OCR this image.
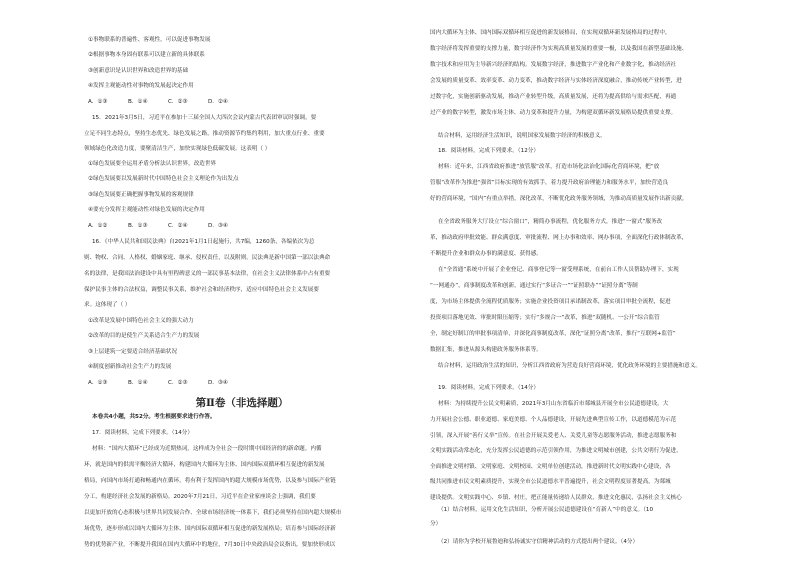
①事物联系的普遍性、客观性，可以促进事物发展
②根据事物本身固有联系可以建立新的具体联系
③创新意识是认识世界和改造世界的基础
④发挥主观能动性对事物的发展起决定作用
A．①③	B．①④	C．②③	D．②④
15．2021年3月5日，习近平在参加十三届全国人大四次会议内蒙古代表团审议时强调，要
立足不同生态特点，坚持生态优先、绿色发展之路，推动资源节约集约利用，加大重点行业、重要
领域绿色化改造力度，要聚清洁生产，加快实现绿色低碳发展。这表明（ ）
①绿色发展要全运用矛盾分析法认识世界，改造世界
②绿色发展要以发展新时代中国特色社会主义理论作为出发点
③绿色发展要正确把握事物发展的客观规律
④要充分发挥主观能动性对绿色发展的决定作用
A．①②	B．①③	C．②④	D．③④
16．《中华人民共和国民法典》自2021年1月1日起施行，共7编，1260条，各编依次为总
则、物权、合同、人格权、婚姻家庭、继承、侵权责任，以及附则。民法典是新中国第一部以法典命
名的法律，是我国法治建设中具有里程碑意义的一部民事基本法律，在社会主义法律体系中占有重要
保护民事主体的合法权益，调整民事关系，维护社会和经济秩序，适应中国特色社会主义发展要
求。这体现了（ ）
①改革是发展中国特色社会主义的强大动力
②改革的目的是使生产关系适合生产力的发展
③上层建筑一定要适合经济基础状况
④制度创新推动社会生产力的发展
A．①③	B．①④	C．②③	D．③④
第Ⅱ卷（非选择题）
本卷共4小题，共52分。考生根据要求进行作答。
17．阅读材料，完成下列要求。（14分）
材料：“国内大循环”已经成为近期热词，这样成为全社会一段时期中国经济的的新命题。内循
环，就是国内的供需平衡经济大循环，构建国内大循环为主体、国内国际双循环相互促进的新发展
格局，向国内市场打通和畅通内在循环，将有利于发挥国内的超大规模市场优势，以及参与国际产业链
分工，构建经济社会发展的新格局。2020年7月21日，习近平在企业家座谈会上强调，我们要
以更加开放的心态积极与世界共同发展合作、全球市场经济统一体系下，我们必须坚持在国内超大规模市
场优势，逐步形成以国内大循环为主体、国内国际双循环相互促进的新发展格局；培育参与国际经济新
势的优势新产业，不断提升我国在国内大循环中的地位，7月30日中央政治局会议指出，要加快形成以
国内大循环为主体、国内国际双循环相互促进的新发展格局，在实现双循环新发展格局的过程中，
数字经济将发挥重要的支撑力量，数字经济作为实现高质量发展的重要一极，以及我国在新型基础设施、
数字技术和应用为主导新兴经济的结构。发展数字经济，推进数字产业化和产业数字化，推动经济社
会发展的质量变革、效率变革、动力变革，推动数字经济与实体经济深度融合，推动传统产业转型，进
过数字化，实施创新驱动发展，推动产业转型升级，高质量发展，还将为提高供给与需求匹配，再通
过产业的数字转型，激发市场主体、动力变革和提升力量，为构建双循环新发展格局提供重要支撑。
结合材料，运用经济生活知识，说明国家发展数字经济的积极意义。
18．阅读材料，完成下列要求。（12分）
材料：近年来，江西省政府推进“放管服”改革，打造市场化法治化国际化营商环境，把“放
管服”改革作为推进“强省”目标实现的有效抓手，着力提升政府治理能力和服务水平，加快营造良
好的营商环境，“国内”有重点举措，深化改革，不断优化政务服务领域，为推动高质量发展作出新贡献。
在全省政务服务大厅设立“综合窗口”，精简办事流程，优化服务方式，推进“一窗式”服务改
革，推动政府审批效能、群众满意度、审批流程、网上办事和效率、网办事项，全面深化行政体制改革，
不断提升企业和群众办事的满意度、获得感。
在“全省通”系统中开展了企业登记、商事登记等一窗受理系统，在前台工作人员帮助办理下，实现
“一网通办”，商事制度改革和创新，通过实行“多证合一”“证照联办”“证照分离”等制
度，为市场主体提供全流程优质服务；实施企业投资项目承诺制改革，落实项目审批全流程，促进
投资项目落地见效、审批时限压缩等；实行“多规合一”改革，推进“双随机、一公开”综合监管
全，制定好制订的审批事项清单，并深化商事制度改革，深化“证照分离”改革，推行“互联网+监管”
数据汇集，推进从源头构建政务服务体系等。
结合材料，运用政治生活的知识，分析江西省政府为营造良好营商环境，优化政务环境的主要措施和意义。
19．阅读材料，完成下列要求。（14分）
材料：为持续提升公民文明素质，2021年3月山东省临沂市郯城县开展全市公民道德建设，大
力开展社会公德、职业道德、家庭美德、个人品德建设，开展先进典型宣传工作，以道德模范为示范
引领，深入开展“善行义举”宣传。在社会开展关爱老人、关爱儿童等志愿服务活动，推进志愿服务和
文明实践活动常态化，充分发挥公民道德的示范引领作用，为推进文明城市创建，公共文明行为促进，
全面推进文明村镇、文明家庭、文明校园、文明单位创建活动，推进新时代文明实践中心建设，各
级共同推进市民文明素质提升，实现全市公民道德水平普遍提升，社会文明程度显著提高，为郯城
建设提供。文明实践中心、乡镇、村庄，把正能量传递给人民群众，推进文化惠民，弘扬社会主义核心
（1）结合材料，运用文化生活知识，分析开展公民道德建设在“育新人”中的意义。（10
分）
（2）请你为学校开展鲁迪和弘扬诚实守信精神活动的方式提出两个建议。（4分）
